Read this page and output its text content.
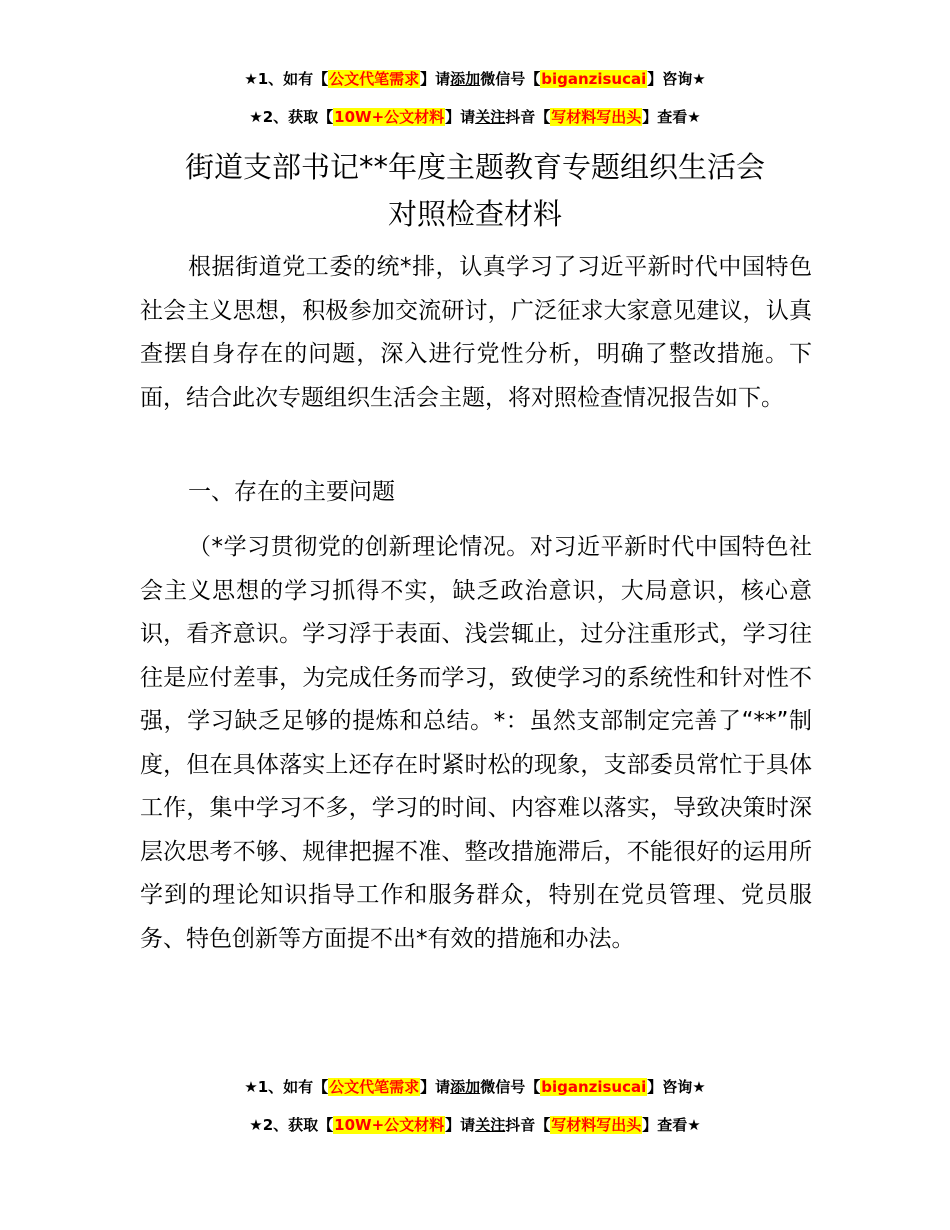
★1、如有【公文代笔需求】请添加微信号【biganzisucai】咨询★
★2、获取【10W+公文材料】请关注抖音【写材料写出头】查看★
街道支部书记**年度主题教育专题组织生活会
对照检查材料

根据街道党工委的统*排，认真学习了习近平新时代中国特色社会主义思想，积极参加交流研讨，广泛征求大家意见建议，认真查摆自身存在的问题，深入进行党性分析，明确了整改措施。下面，结合此次专题组织生活会主题，将对照检查情况报告如下。

一、存在的主要问题

（*学习贯彻党的创新理论情况。对习近平新时代中国特色社会主义思想的学习抓得不实，缺乏政治意识，大局意识，核心意识，看齐意识。学习浮于表面、浅尝辄止，过分注重形式，学习往往是应付差事，为完成任务而学习，致使学习的系统性和针对性不强，学习缺乏足够的提炼和总结。*：虽然支部制定完善了“**”制度，但在具体落实上还存在时紧时松的现象，支部委员常忙于具体工作，集中学习不多，学习的时间、内容难以落实，导致决策时深层次思考不够、规律把握不准、整改措施滞后，不能很好的运用所学到的理论知识指导工作和服务群众，特别在党员管理、党员服务、特色创新等方面提不出*有效的措施和办法。

★1、如有【公文代笔需求】请添加微信号【biganzisucai】咨询★
★2、获取【10W+公文材料】请关注抖音【写材料写出头】查看★
